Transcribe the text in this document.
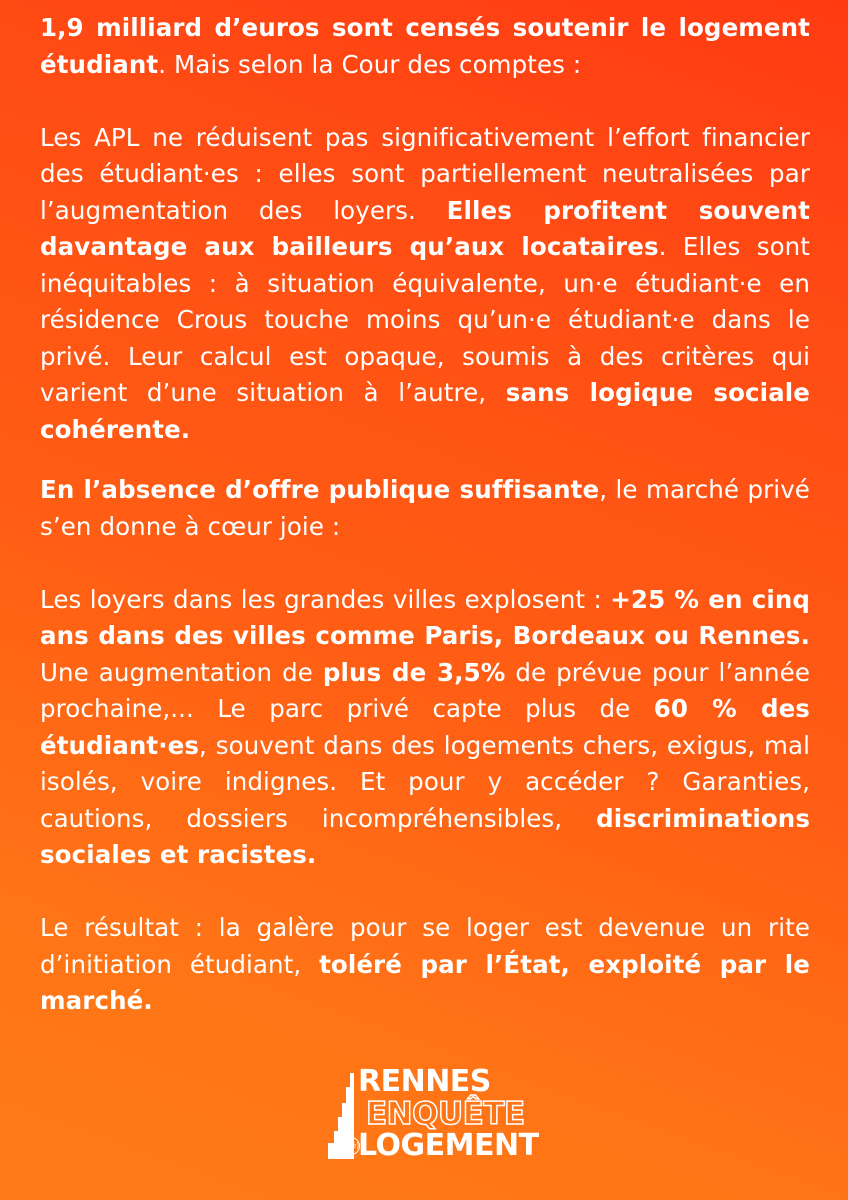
1,9 milliard d’euros sont censés soutenir le logement étudiant. Mais selon la Cour des comptes :

Les APL ne réduisent pas significativement l’effort financier des étudiant·es : elles sont partiellement neutralisées par l’augmentation des loyers. Elles profitent souvent davantage aux bailleurs qu’aux locataires. Elles sont inéquitables : à situation équivalente, un·e étudiant·e en résidence Crous touche moins qu’un·e étudiant·e dans le privé. Leur calcul est opaque, soumis à des critères qui varient d’une situation à l’autre, sans logique sociale cohérente.

En l’absence d’offre publique suffisante, le marché privé s’en donne à cœur joie :

Les loyers dans les grandes villes explosent : +25 % en cinq ans dans des villes comme Paris, Bordeaux ou Rennes. Une augmentation de plus de 3,5% de prévue pour l’année prochaine,... Le parc privé capte plus de 60 % des étudiant·es, souvent dans des logements chers, exigus, mal isolés, voire indignes. Et pour y accéder ? Garanties, cautions, dossiers incompréhensibles, discriminations sociales et racistes.

Le résultat : la galère pour se loger est devenue un rite d’initiation étudiant, toléré par l’État, exploité par le marché.

RENNES
ENQUÊTE
(de)
LOGEMENT
